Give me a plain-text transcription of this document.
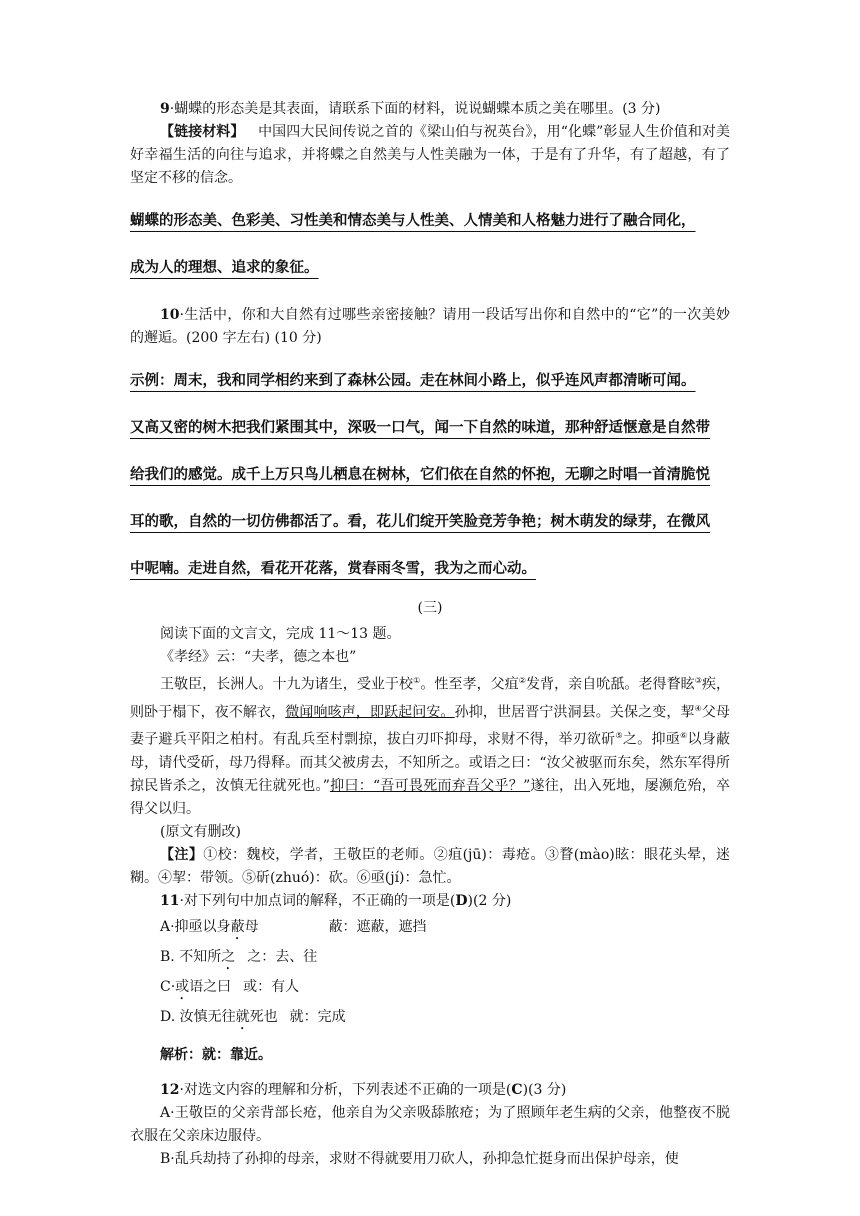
9·蝴蝶的形态美是其表面，请联系下面的材料，说说蝴蝶本质之美在哪里。(3 分)

【链接材料】 中国四大民间传说之首的《梁山伯与祝英台》，用“化蝶”彰显人生价值和对美好幸福生活的向往与追求，并将蝶之自然美与人性美融为一体，于是有了升华，有了超越，有了坚定不移的信念。

蝴蝶的形态美、色彩美、习性美和情态美与人性美、人情美和人格魅力进行了融合同化，

成为人的理想、追求的象征。

10·生活中，你和大自然有过哪些亲密接触？请用一段话写出你和自然中的“它”的一次美妙的邂逅。(200 字左右) (10 分)

示例：周末，我和同学相约来到了森林公园。走在林间小路上，似乎连风声都清晰可闻。

又高又密的树木把我们紧围其中，深吸一口气，闻一下自然的味道，那种舒适惬意是自然带

给我们的感觉。成千上万只鸟儿栖息在树林，它们依在自然的怀抱，无聊之时唱一首清脆悦

耳的歌，自然的一切仿佛都活了。看，花儿们绽开笑脸竞芳争艳；树木萌发的绿芽，在微风

中呢喃。走进自然，看花开花落，赏春雨冬雪，我为之而心动。

(三)

阅读下面的文言文，完成 11～13 题。

《孝经》云：“夫孝，德之本也”

王敬臣，长洲人。十九为诸生，受业于校①。性至孝，父疽②发背，亲自吮舐。老得瞀眩③疾，则卧于榻下，夜不解衣，微闻响咳声，即跃起问安。孙抑，世居晋宁洪洞县。关保之变，挈④父母妻子避兵平阳之柏村。有乱兵至村剽掠，拔白刃吓抑母，求财不得，举刃欲斫⑤之。抑亟⑥以身蔽母，请代受斫，母乃得释。而其父被虏去，不知所之。或语之曰：“汝父被驱而东矣，然东军得所掠民皆杀之，汝慎无往就死也。”抑曰：“吾可畏死而弃吾父乎？”遂往，出入死地，屡濒危殆，卒得父以归。

(原文有删改)

【注】①校：魏校，学者，王敬臣的老师。②疽(jū)：毒疮。③瞀(mào)眩：眼花头晕，迷糊。④挈：带领。⑤斫(zhuó)：砍。⑥亟(jí)：急忙。

11·对下列句中加点词的解释，不正确的一项是(D)(2 分)

A·抑亟以身蔽母	蔽：遮蔽，遮挡

B. 不知所之 之：去、往

C·或语之曰 或：有人

D. 汝慎无往就死也 就：完成

解析：就：靠近。

12·对选文内容的理解和分析，下列表述不正确的一项是(C)(3 分)

A·王敬臣的父亲背部长疮，他亲自为父亲吸舔脓疮；为了照顾年老生病的父亲，他整夜不脱衣服在父亲床边服侍。

B·乱兵劫持了孙抑的母亲，求财不得就要用刀砍人，孙抑急忙挺身而出保护母亲，使
